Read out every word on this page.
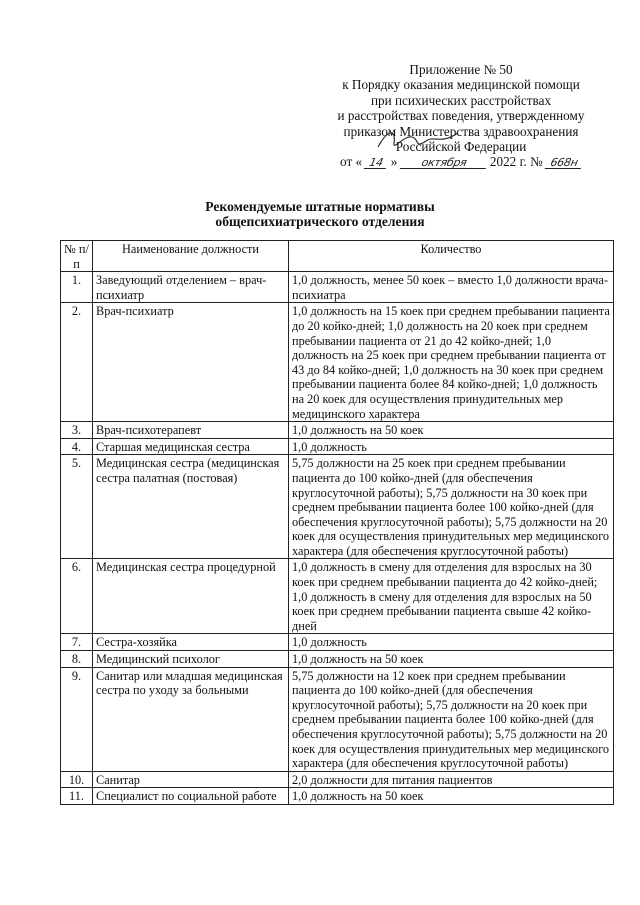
Приложение № 50
к Порядку оказания медицинской помощи
при психических расстройствах
и расстройствах поведения, утвержденному
приказом Министерства здравоохранения
Российской Федерации
от « 14 » октября 2022 г. № 668н
Рекомендуемые штатные нормативы
общепсихиатрического отделения
№ п/п	Наименование должности	Количество
1.	Заведующий отделением – врач-психиатр	1,0 должность, менее 50 коек – вместо 1,0 должности врача-психиатра
2.	Врач-психиатр	1,0 должность на 15 коек при среднем пребывании пациента до 20 койко-дней; 1,0 должность на 20 коек при среднем пребывании пациента от 21 до 42 койко-дней; 1,0 должность на 25 коек при среднем пребывании пациента от 43 до 84 койко-дней; 1,0 должность на 30 коек при среднем пребывании пациента более 84 койко-дней; 1,0 должность на 20 коек для осуществления принудительных мер медицинского характера
3.	Врач-психотерапевт	1,0 должность на 50 коек
4.	Старшая медицинская сестра	1,0 должность
5.	Медицинская сестра (медицинская сестра палатная (постовая)	5,75 должности на 25 коек при среднем пребывании пациента до 100 койко-дней (для обеспечения круглосуточной работы); 5,75 должности на 30 коек при среднем пребывании пациента более 100 койко-дней (для обеспечения круглосуточной работы); 5,75 должности на 20 коек для осуществления принудительных мер медицинского характера (для обеспечения круглосуточной работы)
6.	Медицинская сестра процедурной	1,0 должность в смену для отделения для взрослых на 30 коек при среднем пребывании пациента до 42 койко-дней; 1,0 должность в смену для отделения для взрослых на 50 коек при среднем пребывании пациента свыше 42 койко-дней
7.	Сестра-хозяйка	1,0 должность
8.	Медицинский психолог	1,0 должность на 50 коек
9.	Санитар или младшая медицинская сестра по уходу за больными	5,75 должности на 12 коек при среднем пребывании пациента до 100 койко-дней (для обеспечения круглосуточной работы); 5,75 должности на 20 коек при среднем пребывании пациента более 100 койко-дней (для обеспечения круглосуточной работы); 5,75 должности на 20 коек для осуществления принудительных мер медицинского характера (для обеспечения круглосуточной работы)
10.	Санитар	2,0 должности для питания пациентов
11.	Специалист по социальной работе	1,0 должность на 50 коек
